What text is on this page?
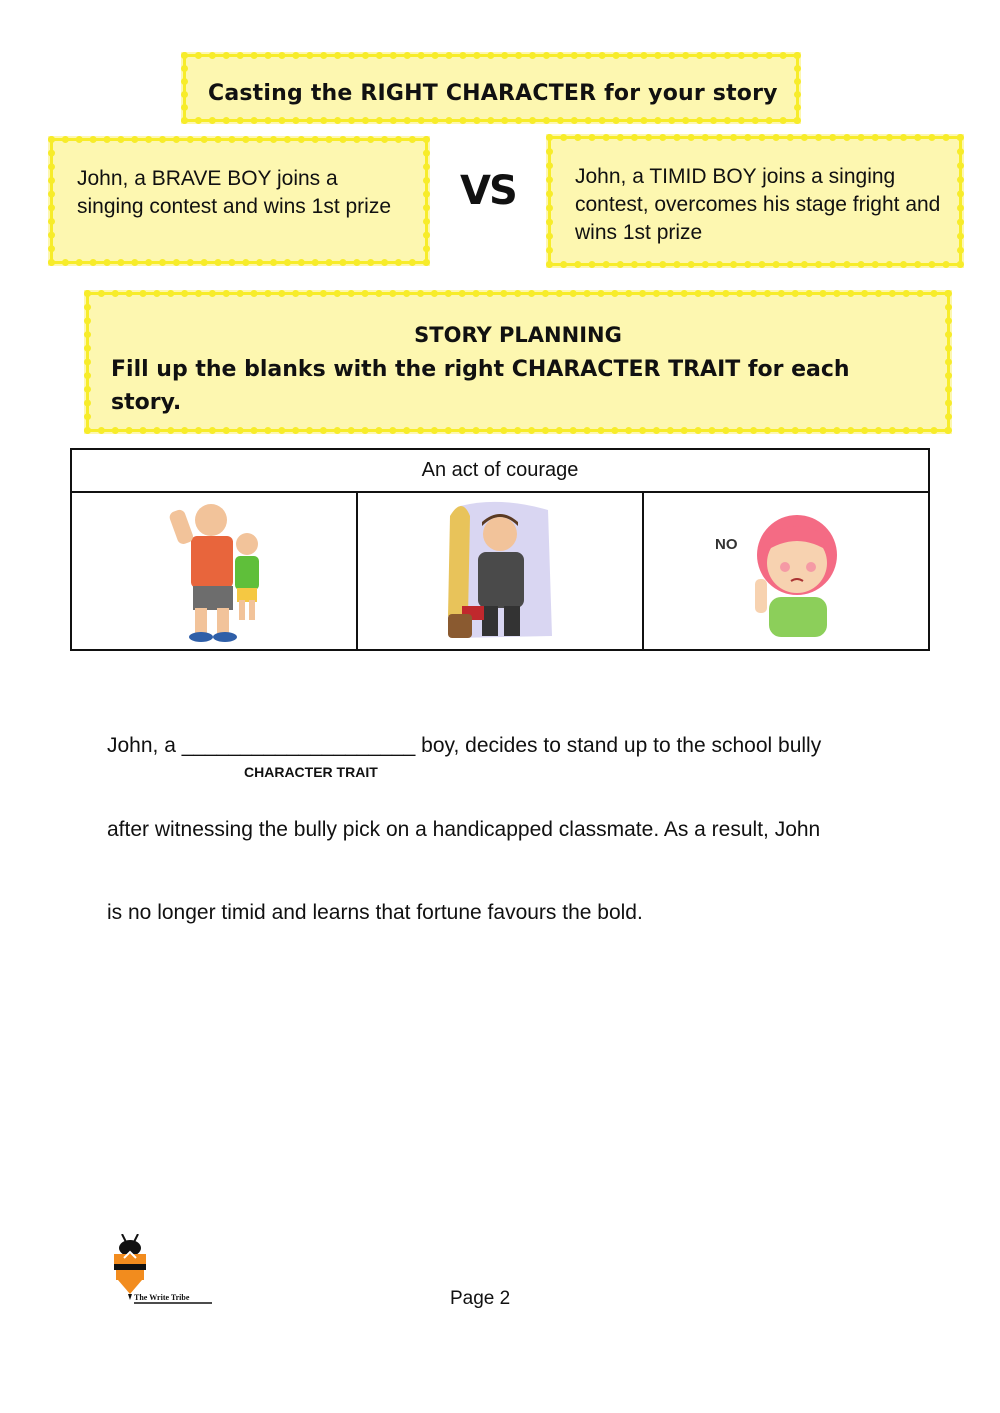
Casting the RIGHT CHARACTER for your story
John, a BRAVE BOY joins a singing contest and wins 1st prize	VS	John, a TIMID BOY joins a singing contest, overcomes his stage fright and wins 1st prize
STORY PLANNING
Fill up the blanks with the right CHARACTER TRAIT for each story.
An act of courage

NO
John, a ____________________ boy, decides to stand up to the school bully
CHARACTER TRAIT
after witnessing the bully pick on a handicapped classmate. As a result, John
is no longer timid and learns that fortune favours the bold.
The Write Tribe	Page 2
